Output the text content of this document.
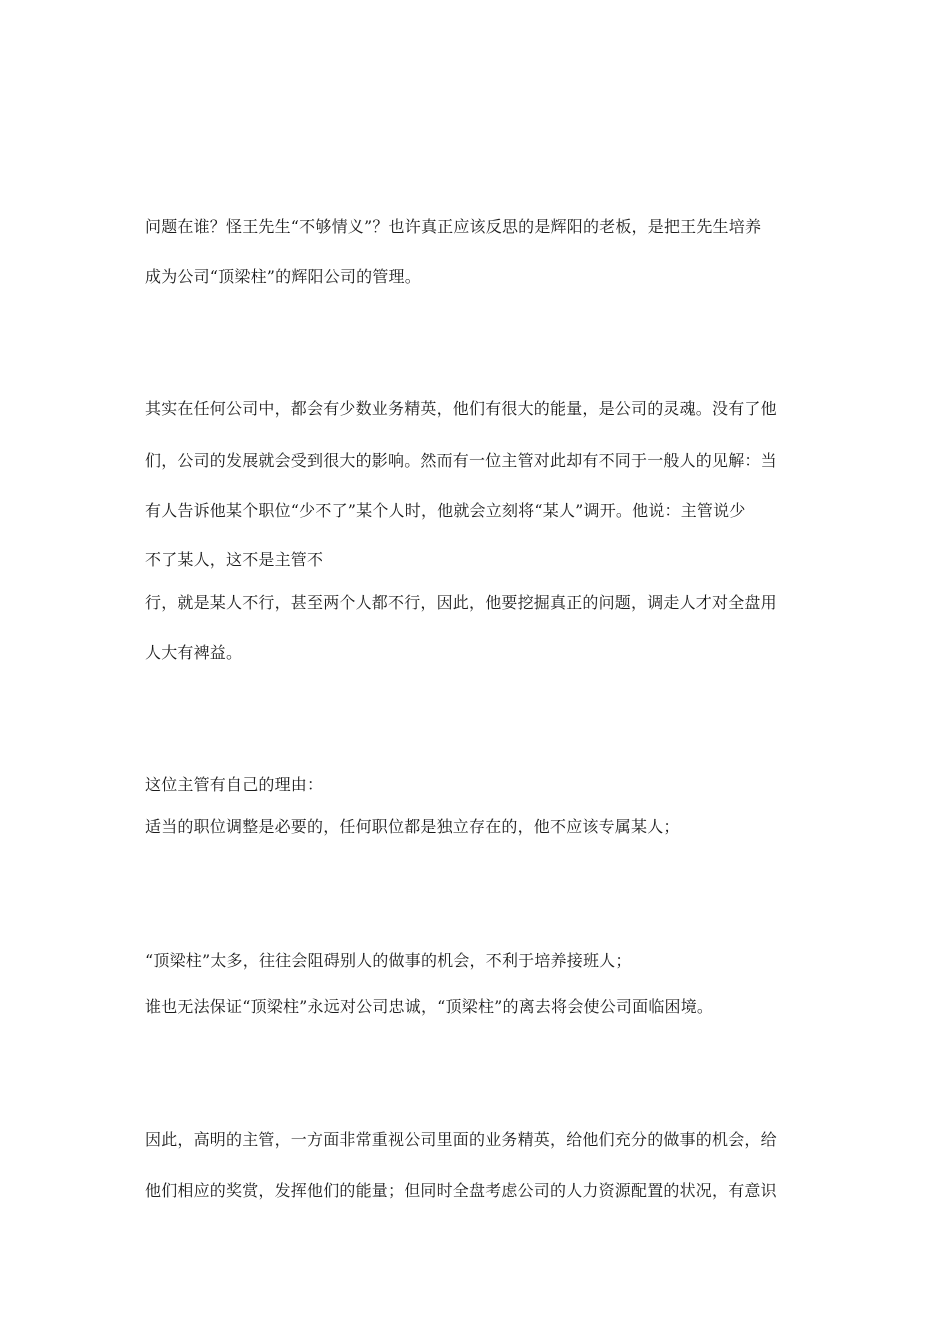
问题在谁？怪王先生“不够情义”？也许真正应该反思的是辉阳的老板，是把王先生培养
成为公司“顶梁柱”的辉阳公司的管理。
其实在任何公司中，都会有少数业务精英，他们有很大的能量，是公司的灵魂。没有了他
们，公司的发展就会受到很大的影响。然而有一位主管对此却有不同于一般人的见解：当
有人告诉他某个职位“少不了”某个人时，他就会立刻将“某人”调开。他说：主管说少
不了某人，这不是主管不
行，就是某人不行，甚至两个人都不行，因此，他要挖掘真正的问题，调走人才对全盘用
人大有裨益。
这位主管有自己的理由：
适当的职位调整是必要的，任何职位都是独立存在的，他不应该专属某人；
“顶梁柱”太多，往往会阻碍别人的做事的机会，不利于培养接班人；
谁也无法保证“顶梁柱”永远对公司忠诚，“顶梁柱”的离去将会使公司面临困境。
因此，高明的主管，一方面非常重视公司里面的业务精英，给他们充分的做事的机会，给
他们相应的奖赏，发挥他们的能量；但同时全盘考虑公司的人力资源配置的状况，有意识
